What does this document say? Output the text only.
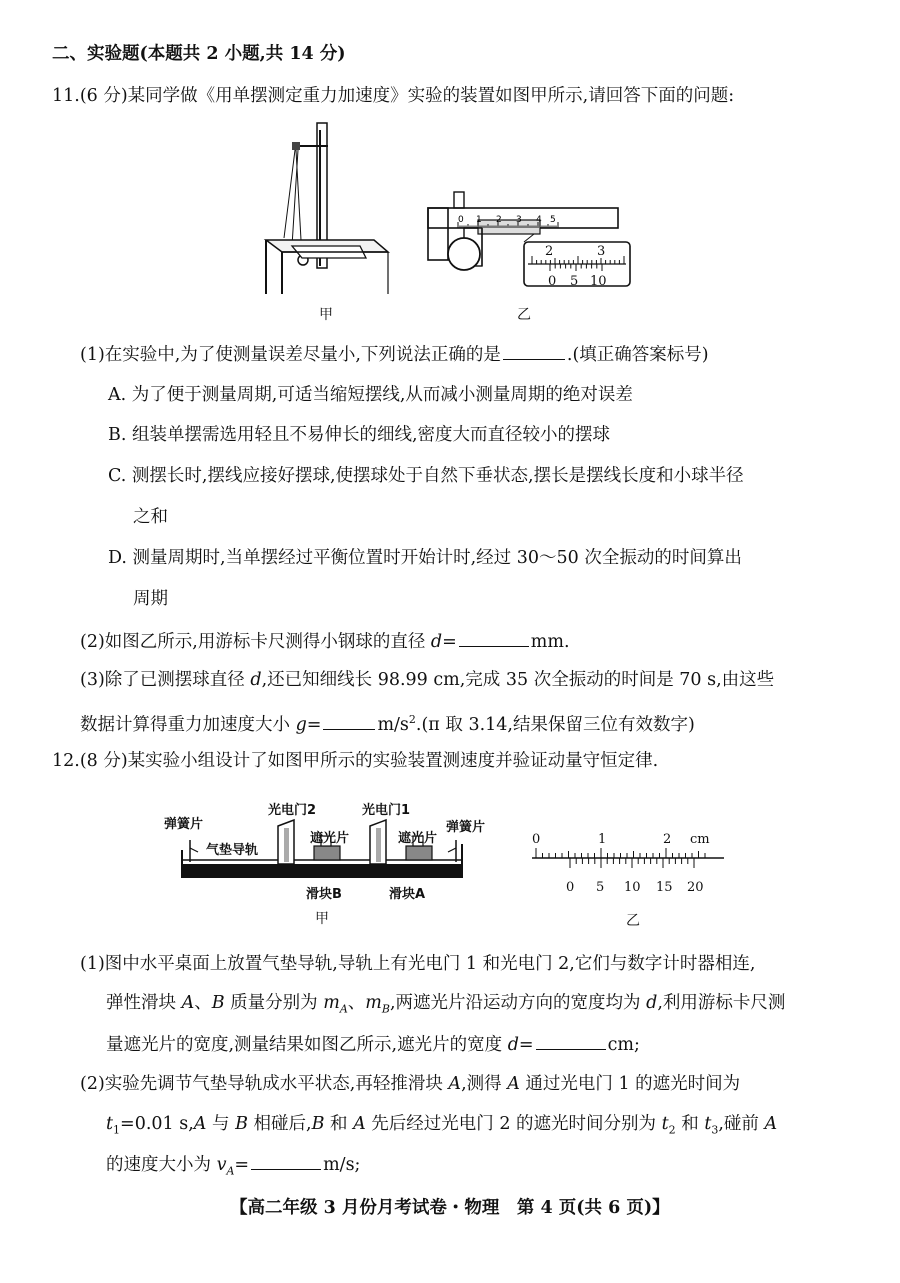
二、实验题(本题共 2 小题,共 14 分)
11.(6 分)某同学做《用单摆测定重力加速度》实验的装置如图甲所示,请回答下面的问题:
甲
0 1 2 3 4 5
2	3
0 5 10
乙
(1)在实验中,为了使测量误差尽量小,下列说法正确的是	.(填正确答案标号)
A. 为了便于测量周期,可适当缩短摆线,从而减小测量周期的绝对误差
B. 组装单摆需选用轻且不易伸长的细线,密度大而直径较小的摆球
C. 测摆长时,摆线应接好摆球,使摆球处于自然下垂状态,摆长是摆线长度和小球半径
之和
D. 测量周期时,当单摆经过平衡位置时开始计时,经过 30～50 次全振动的时间算出
周期
(2)如图乙所示,用游标卡尺测得小钢球的直径 d=	mm.
(3)除了已测摆球直径 d,还已知细线长 98.99 cm,完成 35 次全振动的时间是 70 s,由这些
数据计算得重力加速度大小 g=	$m/s^2.(\pi$ 取 3.14,结果保留三位有效数字)
12.(8 分)某实验小组设计了如图甲所示的实验装置测速度并验证动量守恒定律.
弹簧片	弹簧片
光电门2	光电门1
遮光片	遮光片
气垫导轨
滑块B	滑块A
甲
0	1	2 cm
0 5 10 15 20
乙
(1)图中水平桌面上放置气垫导轨,导轨上有光电门 1 和光电门 2,它们与数字计时器相连,
弹性滑块 A、B 质量分别为 $m_A$、$m_B$,两遮光片沿运动方向的宽度均为 d,利用游标卡尺测
量遮光片的宽度,测量结果如图乙所示,遮光片的宽度 d=	cm;
(2)实验先调节气垫导轨成水平状态,再轻推滑块 A,测得 A 通过光电门 1 的遮光时间为
$t_1=0.01$ s,A 与 B 相碰后,B 和 A 先后经过光电门 2 的遮光时间分别为 $t_2$ 和 $t_3$,碰前 A
的速度大小为 $v_A=$	m/s;
【高二年级 3 月份月考试卷・物理　第 4 页(共 6 页)】
